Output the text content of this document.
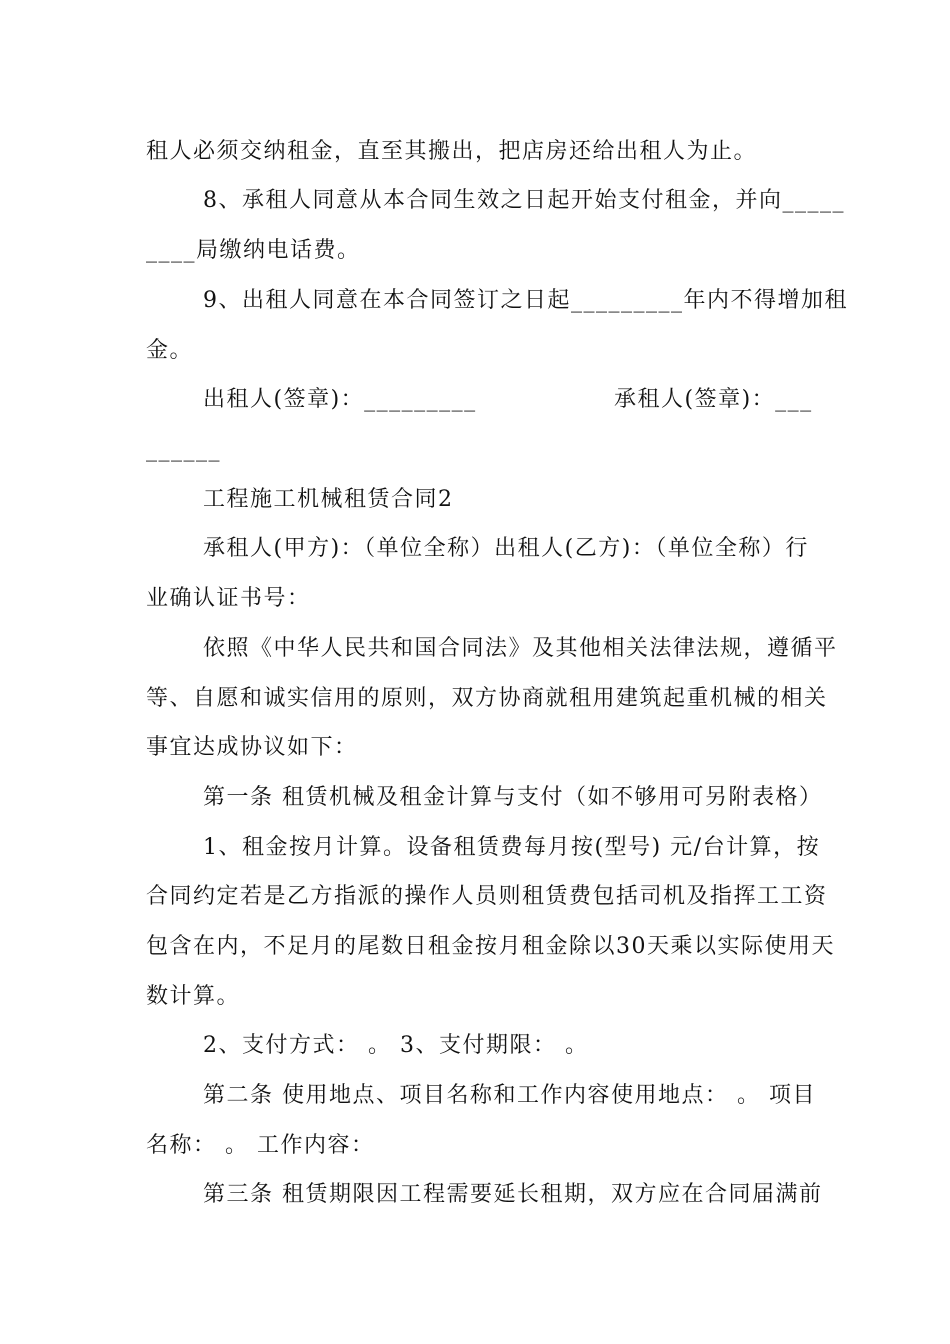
租人必须交纳租金，直至其搬出，把店房还给出租人为止。
8、承租人同意从本合同生效之日起开始支付租金，并向_____
____局缴纳电话费。
9、出租人同意在本合同签订之日起_________年内不得增加租
金。
出租人(签章)：_________	承租人(签章)：___
______
工程施工机械租赁合同2
承租人(甲方)：（单位全称）出租人(乙方)：（单位全称）行
业确认证书号：
依照《中华人民共和国合同法》及其他相关法律法规，遵循平
等、自愿和诚实信用的原则，双方协商就租用建筑起重机械的相关
事宜达成协议如下：
第一条 租赁机械及租金计算与支付（如不够用可另附表格）
1、租金按月计算。设备租赁费每月按(型号) 元/台计算，按
合同约定若是乙方指派的操作人员则租赁费包括司机及指挥工工资
包含在内，不足月的尾数日租金按月租金除以30天乘以实际使用天
数计算。
2、支付方式： 。 3、支付期限： 。
第二条 使用地点、项目名称和工作内容使用地点： 。 项目
名称： 。 工作内容：
第三条 租赁期限因工程需要延长租期，双方应在合同届满前
